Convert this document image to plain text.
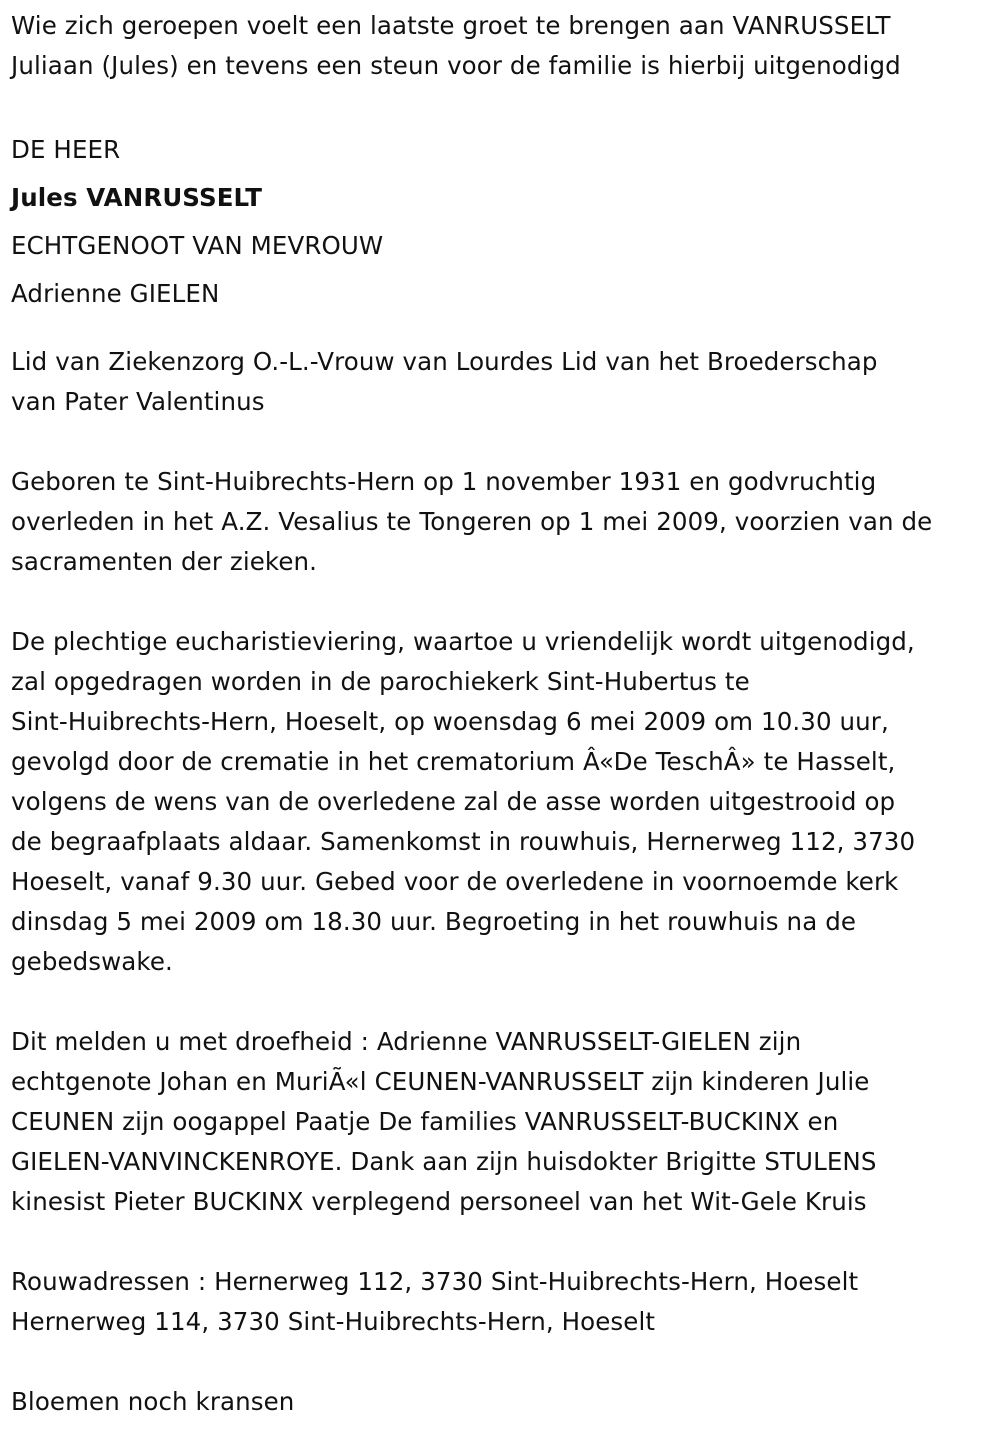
Wie zich geroepen voelt een laatste groet te brengen aan VANRUSSELT

Juliaan (Jules) en tevens een steun voor de familie is hierbij uitgenodigd

DE HEER

Jules VANRUSSELT

ECHTGENOOT VAN MEVROUW

Adrienne GIELEN

Lid van Ziekenzorg O.-L.-Vrouw van Lourdes Lid van het Broederschap

van Pater Valentinus

Geboren te Sint-Huibrechts-Hern op 1 november 1931 en godvruchtig

overleden in het A.Z. Vesalius te Tongeren op 1 mei 2009, voorzien van de

sacramenten der zieken.

De plechtige eucharistieviering, waartoe u vriendelijk wordt uitgenodigd,

zal opgedragen worden in de parochiekerk Sint-Hubertus te

Sint-Huibrechts-Hern, Hoeselt, op woensdag 6 mei 2009 om 10.30 uur,

gevolgd door de crematie in het crematorium Â«De TeschÂ» te Hasselt,

volgens de wens van de overledene zal de asse worden uitgestrooid op

de begraafplaats aldaar. Samenkomst in rouwhuis, Hernerweg 112, 3730

Hoeselt, vanaf 9.30 uur. Gebed voor de overledene in voornoemde kerk

dinsdag 5 mei 2009 om 18.30 uur. Begroeting in het rouwhuis na de

gebedswake.

Dit melden u met droefheid : Adrienne VANRUSSELT-GIELEN zijn

echtgenote Johan en MuriÃ«l CEUNEN-VANRUSSELT zijn kinderen Julie

CEUNEN zijn oogappel Paatje De families VANRUSSELT-BUCKINX en

GIELEN-VANVINCKENROYE. Dank aan zijn huisdokter Brigitte STULENS

kinesist Pieter BUCKINX verplegend personeel van het Wit-Gele Kruis

Rouwadressen : Hernerweg 112, 3730 Sint-Huibrechts-Hern, Hoeselt

Hernerweg 114, 3730 Sint-Huibrechts-Hern, Hoeselt

Bloemen noch kransen
